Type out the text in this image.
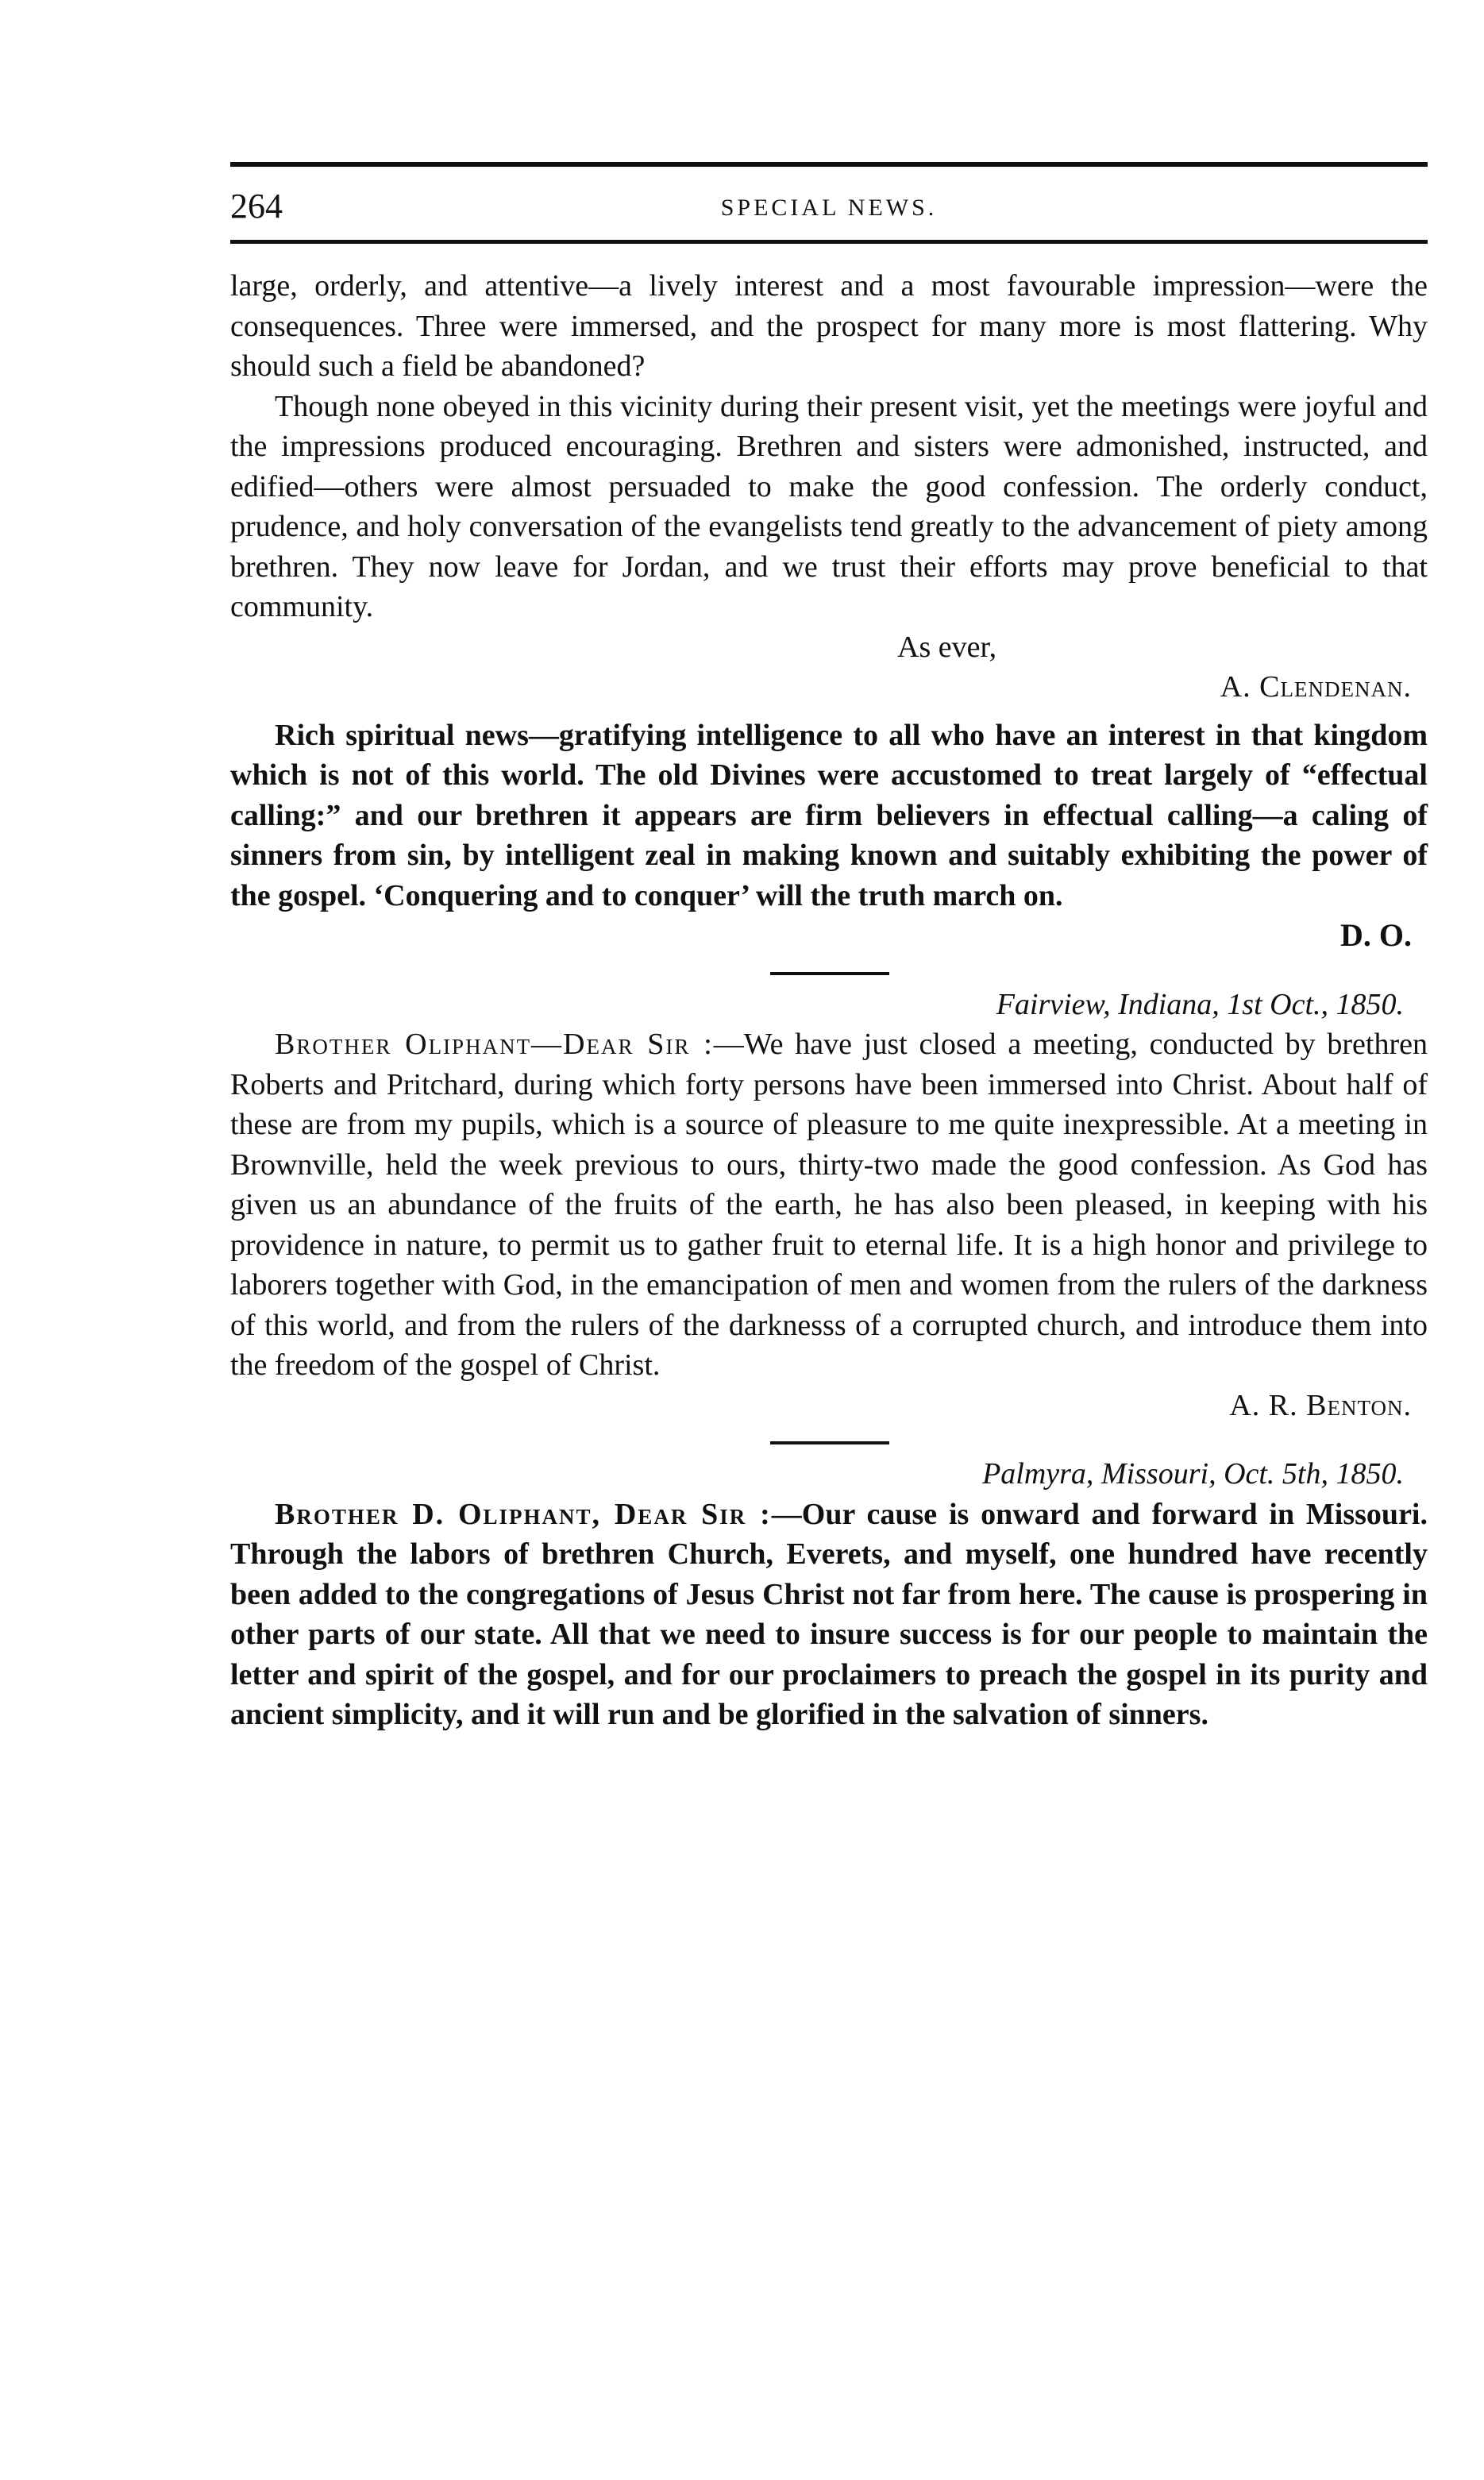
264	SPECIAL NEWS.

large, orderly, and attentive—a lively interest and a most favourable impression—were the consequences. Three were immersed, and the prospect for many more is most flattering. Why should such a field be abandoned?

Though none obeyed in this vicinity during their present visit, yet the meetings were joyful and the impressions produced encouraging. Brethren and sisters were admonished, instructed, and edified—others were almost persuaded to make the good confession. The orderly conduct, prudence, and holy conversation of the evangelists tend greatly to the advancement of piety among brethren. They now leave for Jordan, and we trust their efforts may prove beneficial to that community.

As ever,

A. Clendenan.

Rich spiritual news—gratifying intelligence to all who have an interest in that kingdom which is not of this world. The old Divines were accustomed to treat largely of “effectual calling:” and our brethren it appears are firm believers in effectual calling—a caling of sinners from sin, by intelligent zeal in making known and suitably exhibiting the power of the gospel. ‘Conquering and to conquer’ will the truth march on.

D. O.

Fairview, Indiana, 1st Oct., 1850.

Brother Oliphant—Dear Sir :—We have just closed a meeting, conducted by brethren Roberts and Pritchard, during which forty persons have been immersed into Christ. About half of these are from my pupils, which is a source of pleasure to me quite inexpressible. At a meeting in Brownville, held the week previous to ours, thirty-two made the good confession. As God has given us an abundance of the fruits of the earth, he has also been pleased, in keeping with his providence in nature, to permit us to gather fruit to eternal life. It is a high honor and privilege to laborers together with God, in the emancipation of men and women from the rulers of the darkness of this world, and from the rulers of the darknesss of a corrupted church, and introduce them into the freedom of the gospel of Christ.

A. R. Benton.

Palmyra, Missouri, Oct. 5th, 1850.

Brother D. Oliphant, Dear Sir :—Our cause is onward and forward in Missouri. Through the labors of brethren Church, Everets, and myself, one hundred have recently been added to the congregations of Jesus Christ not far from here. The cause is prospering in other parts of our state. All that we need to insure success is for our people to maintain the letter and spirit of the gospel, and for our proclaimers to preach the gospel in its purity and ancient simplicity, and it will run and be glorified in the salvation of sinners.
